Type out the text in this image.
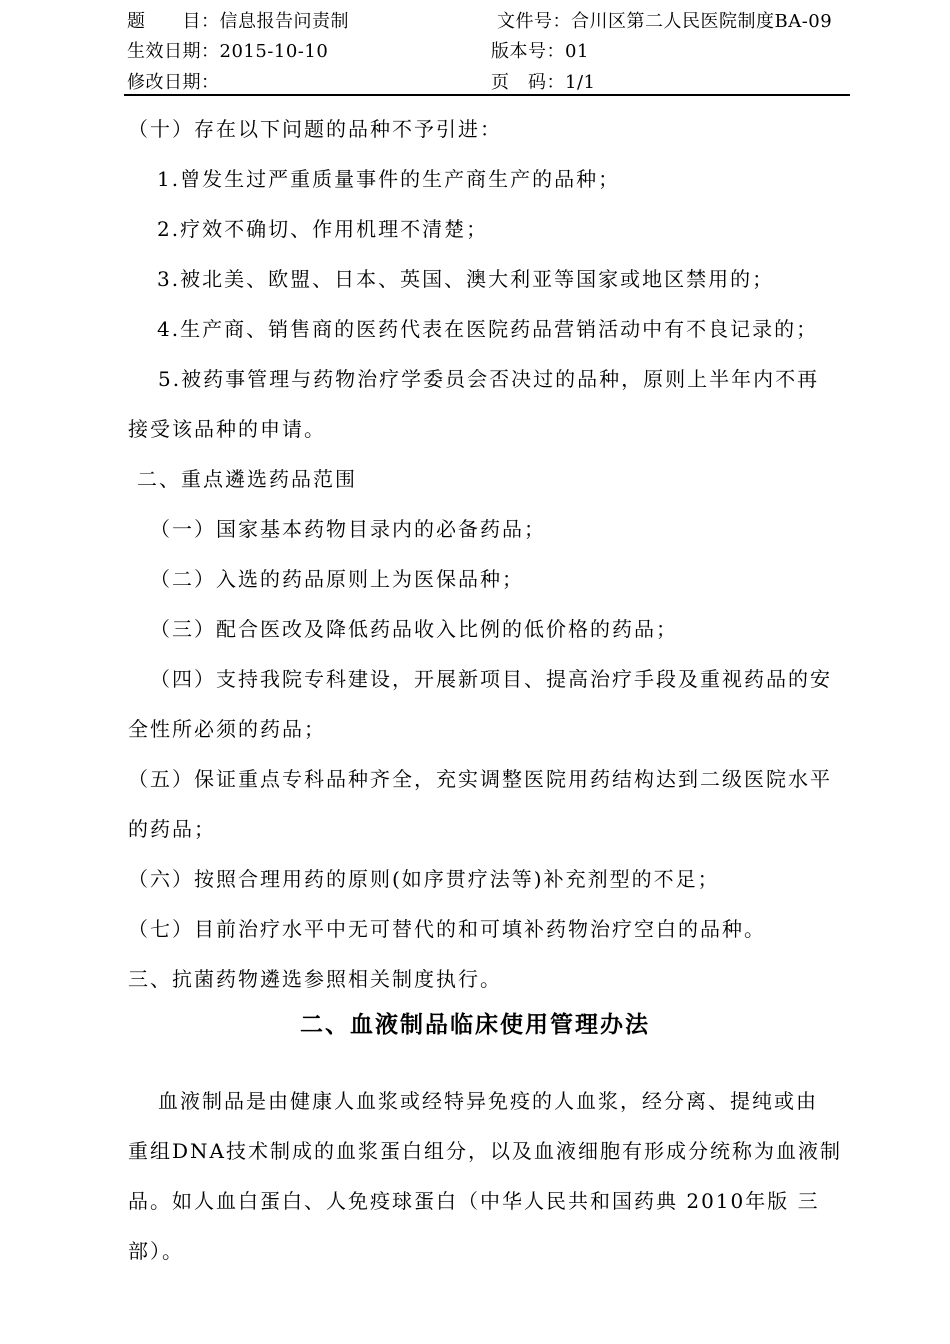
题　　目：信息报告问责制	文件号：合川区第二人民医院制度BA-09
生效日期：2015-10-10	版本号：01
修改日期：	页　码：1/1
（十）存在以下问题的品种不予引进：
1.曾发生过严重质量事件的生产商生产的品种；
2.疗效不确切、作用机理不清楚；
3.被北美、欧盟、日本、英国、澳大利亚等国家或地区禁用的；
4.生产商、销售商的医药代表在医院药品营销活动中有不良记录的；
5.被药事管理与药物治疗学委员会否决过的品种，原则上半年内不再
接受该品种的申请。
二、重点遴选药品范围
（一）国家基本药物目录内的必备药品；
（二）入选的药品原则上为医保品种；
（三）配合医改及降低药品收入比例的低价格的药品；
（四）支持我院专科建设，开展新项目、提高治疗手段及重视药品的安
全性所必须的药品；
（五）保证重点专科品种齐全，充实调整医院用药结构达到二级医院水平
的药品；
（六）按照合理用药的原则(如序贯疗法等)补充剂型的不足；
（七）目前治疗水平中无可替代的和可填补药物治疗空白的品种。
三、抗菌药物遴选参照相关制度执行。
二、血液制品临床使用管理办法
血液制品是由健康人血浆或经特异免疫的人血浆，经分离、提纯或由
重组DNA技术制成的血浆蛋白组分，以及血液细胞有形成分统称为血液制
品。如人血白蛋白、人免疫球蛋白（中华人民共和国药典 2010年版 三
部）。
